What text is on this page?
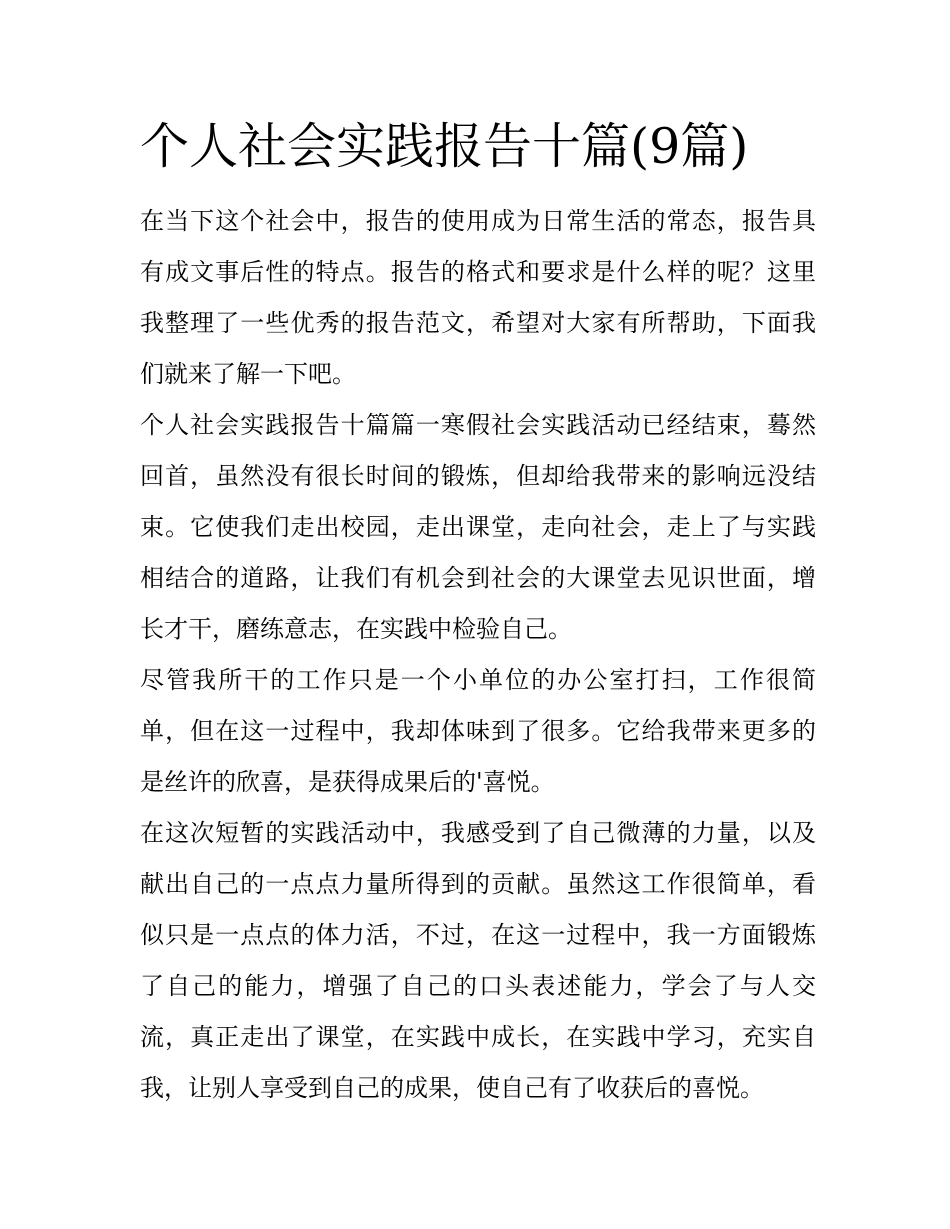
个人社会实践报告十篇(9篇)

在当下这个社会中，报告的使用成为日常生活的常态，报告具
有成文事后性的特点。报告的格式和要求是什么样的呢？这里
我整理了一些优秀的报告范文，希望对大家有所帮助，下面我
们就来了解一下吧。

个人社会实践报告十篇篇一寒假社会实践活动已经结束，蓦然
回首，虽然没有很长时间的锻炼，但却给我带来的影响远没结
束。它使我们走出校园，走出课堂，走向社会，走上了与实践
相结合的道路，让我们有机会到社会的大课堂去见识世面，增
长才干，磨练意志，在实践中检验自己。

尽管我所干的工作只是一个小单位的办公室打扫，工作很简
单，但在这一过程中，我却体味到了很多。它给我带来更多的
是丝许的欣喜，是获得成果后的'喜悦。

在这次短暂的实践活动中，我感受到了自己微薄的力量，以及
献出自己的一点点力量所得到的贡献。虽然这工作很简单，看
似只是一点点的体力活，不过，在这一过程中，我一方面锻炼
了自己的能力，增强了自己的口头表述能力，学会了与人交
流，真正走出了课堂，在实践中成长，在实践中学习，充实自
我，让别人享受到自己的成果，使自己有了收获后的喜悦。
